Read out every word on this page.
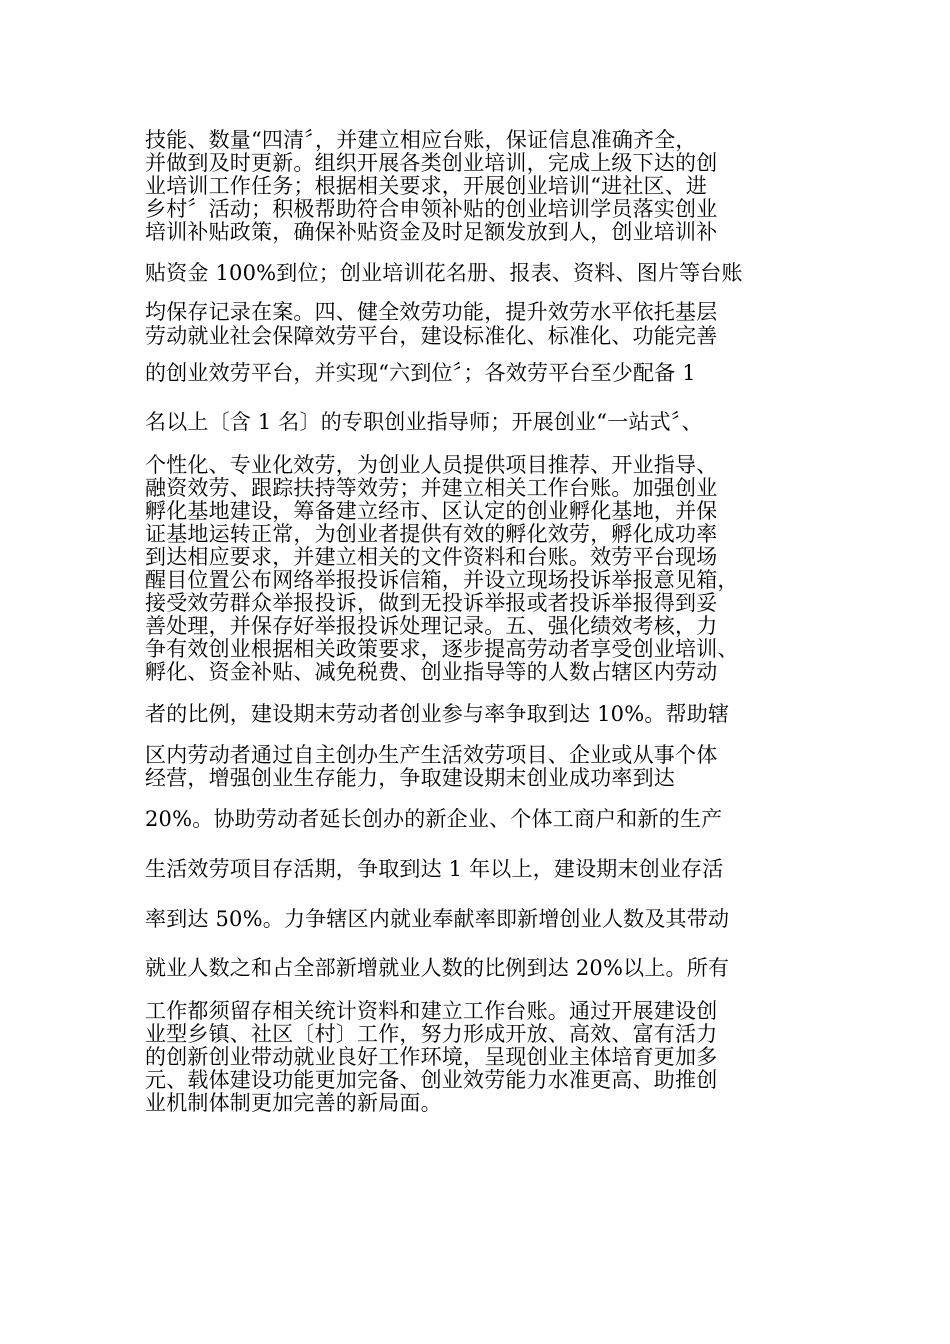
技能、数量“四清〞，并建立相应台账，保证信息准确齐全，
并做到及时更新。组织开展各类创业培训，完成上级下达的创
业培训工作任务；根据相关要求，开展创业培训“进社区、进
乡村〞活动；积极帮助符合申领补贴的创业培训学员落实创业
培训补贴政策，确保补贴资金及时足额发放到人，创业培训补
贴资金 100%到位；创业培训花名册、报表、资料、图片等台账
均保存记录在案。四、健全效劳功能，提升效劳水平依托基层
劳动就业社会保障效劳平台，建设标准化、标准化、功能完善
的创业效劳平台，并实现“六到位〞；各效劳平台至少配备 1
名以上〔含 1 名〕的专职创业指导师；开展创业“一站式〞、
个性化、专业化效劳，为创业人员提供项目推荐、开业指导、
融资效劳、跟踪扶持等效劳；并建立相关工作台账。加强创业
孵化基地建设，筹备建立经市、区认定的创业孵化基地，并保
证基地运转正常，为创业者提供有效的孵化效劳，孵化成功率
到达相应要求，并建立相关的文件资料和台账。效劳平台现场
醒目位置公布网络举报投诉信箱，并设立现场投诉举报意见箱，
接受效劳群众举报投诉，做到无投诉举报或者投诉举报得到妥
善处理，并保存好举报投诉处理记录。五、强化绩效考核，力
争有效创业根据相关政策要求，逐步提高劳动者享受创业培训、
孵化、资金补贴、减免税费、创业指导等的人数占辖区内劳动
者的比例，建设期末劳动者创业参与率争取到达 10%。帮助辖
区内劳动者通过自主创办生产生活效劳项目、企业或从事个体
经营，增强创业生存能力，争取建设期末创业成功率到达
20%。协助劳动者延长创办的新企业、个体工商户和新的生产
生活效劳项目存活期，争取到达 1 年以上，建设期末创业存活
率到达 50%。力争辖区内就业奉献率即新增创业人数及其带动
就业人数之和占全部新增就业人数的比例到达 20%以上。所有
工作都须留存相关统计资料和建立工作台账。通过开展建设创
业型乡镇、社区〔村〕工作，努力形成开放、高效、富有活力
的创新创业带动就业良好工作环境，呈现创业主体培育更加多
元、载体建设功能更加完备、创业效劳能力水准更高、助推创
业机制体制更加完善的新局面。
